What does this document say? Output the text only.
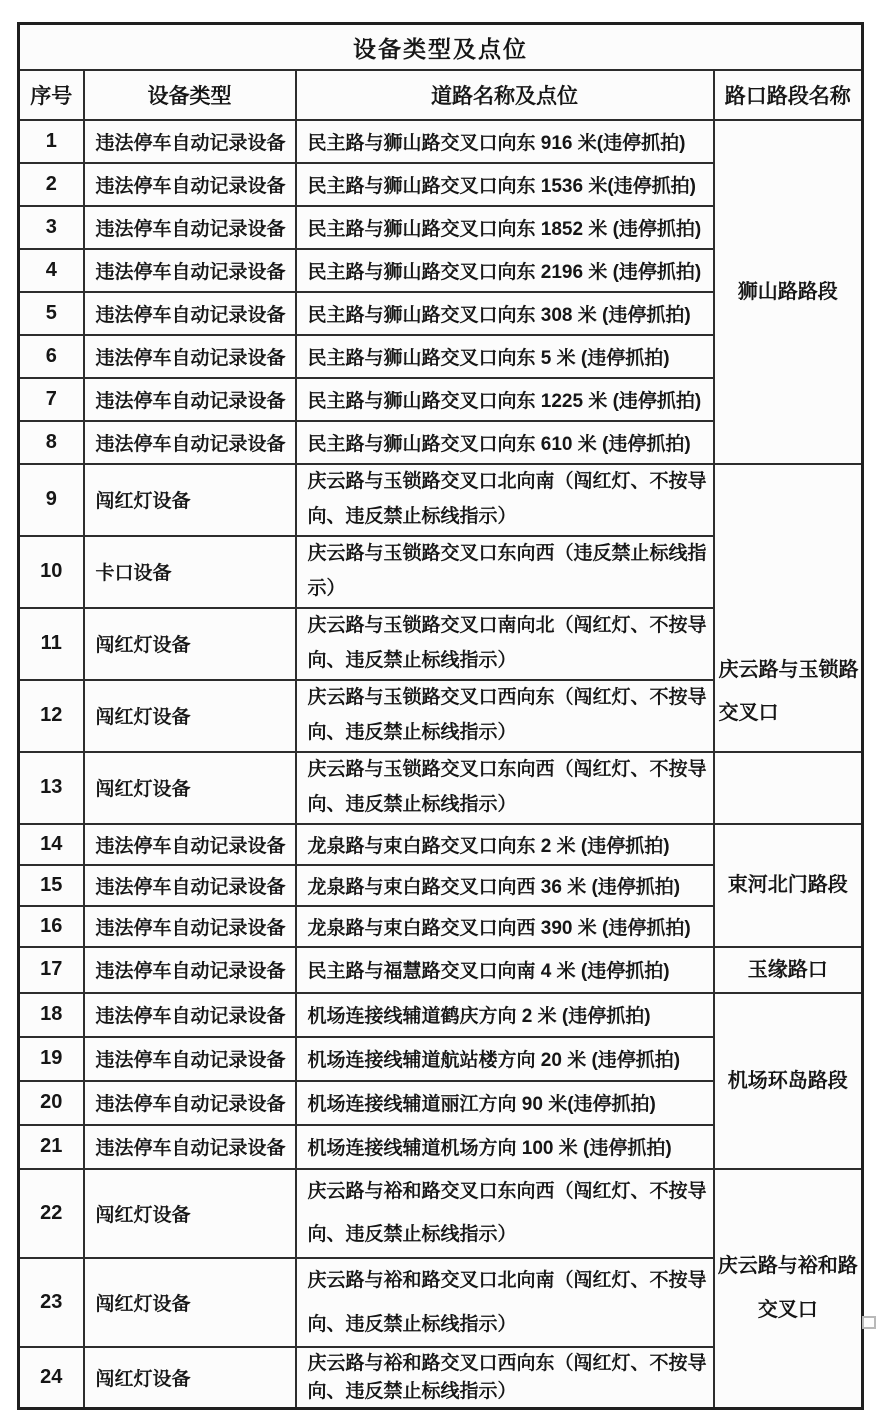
设备类型及点位			
序号	设备类型	道路名称及点位	路口路段名称
1	违法停车自动记录设备	民主路与狮山路交叉口向东 916 米(违停抓拍)	狮山路路段
2	违法停车自动记录设备	民主路与狮山路交叉口向东 1536 米(违停抓拍)	
3	违法停车自动记录设备	民主路与狮山路交叉口向东 1852 米 (违停抓拍)	
4	违法停车自动记录设备	民主路与狮山路交叉口向东 2196 米 (违停抓拍)	
5	违法停车自动记录设备	民主路与狮山路交叉口向东 308 米 (违停抓拍)	
6	违法停车自动记录设备	民主路与狮山路交叉口向东 5 米 (违停抓拍)	
7	违法停车自动记录设备	民主路与狮山路交叉口向东 1225 米 (违停抓拍)	
8	违法停车自动记录设备	民主路与狮山路交叉口向东 610 米 (违停抓拍)	
9	闯红灯设备	庆云路与玉锁路交叉口北向南（闯红灯、不按导向、违反禁止标线指示）	庆云路与玉锁路交叉口
10	卡口设备	庆云路与玉锁路交叉口东向西（违反禁止标线指示）	
11	闯红灯设备	庆云路与玉锁路交叉口南向北（闯红灯、不按导向、违反禁止标线指示）	
12	闯红灯设备	庆云路与玉锁路交叉口西向东（闯红灯、不按导向、违反禁止标线指示）	
13	闯红灯设备	庆云路与玉锁路交叉口东向西（闯红灯、不按导向、违反禁止标线指示）	
14	违法停车自动记录设备	龙泉路与束白路交叉口向东 2 米 (违停抓拍)	束河北门路段
15	违法停车自动记录设备	龙泉路与束白路交叉口向西 36 米 (违停抓拍)	
16	违法停车自动记录设备	龙泉路与束白路交叉口向西 390 米 (违停抓拍)	
17	违法停车自动记录设备	民主路与福慧路交叉口向南 4 米 (违停抓拍)	玉缘路口
18	违法停车自动记录设备	机场连接线辅道鹤庆方向 2 米 (违停抓拍)	机场环岛路段
19	违法停车自动记录设备	机场连接线辅道航站楼方向 20 米 (违停抓拍)	
20	违法停车自动记录设备	机场连接线辅道丽江方向 90 米(违停抓拍)	
21	违法停车自动记录设备	机场连接线辅道机场方向 100 米 (违停抓拍)	
22	闯红灯设备	庆云路与裕和路交叉口东向西（闯红灯、不按导向、违反禁止标线指示）	庆云路与裕和路交叉口
23	闯红灯设备	庆云路与裕和路交叉口北向南（闯红灯、不按导向、违反禁止标线指示）	
24	闯红灯设备	庆云路与裕和路交叉口西向东（闯红灯、不按导向、违反禁止标线指示）	
